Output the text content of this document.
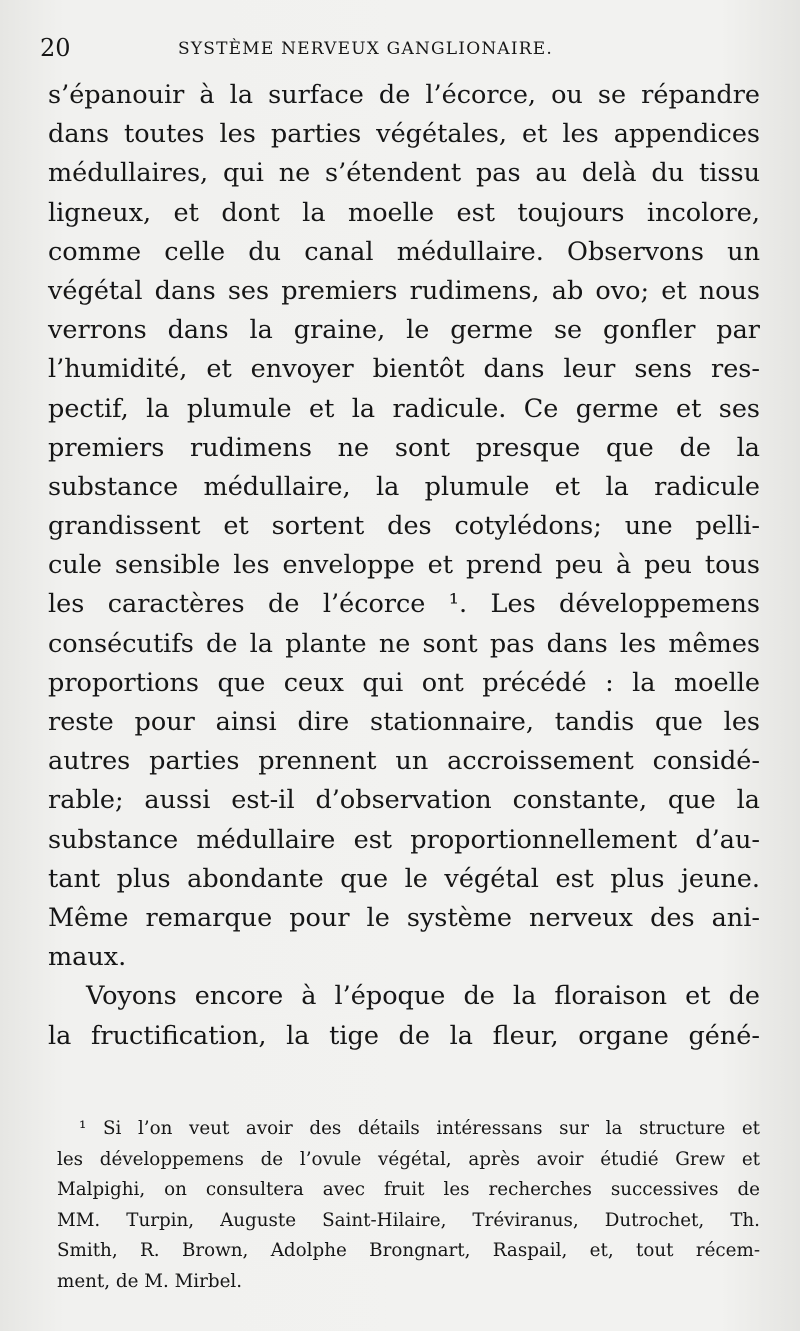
20	SYSTÈME NERVEUX GANGLIONAIRE.
s’épanouir à la surface de l’écorce, ou se répandre
dans toutes les parties végétales, et les appendices
médullaires, qui ne s’étendent pas au delà du tissu
ligneux, et dont la moelle est toujours incolore,
comme celle du canal médullaire. Observons un
végétal dans ses premiers rudimens, ab ovo; et nous
verrons dans la graine, le germe se gonfler par
l’humidité, et envoyer bientôt dans leur sens res-
pectif, la plumule et la radicule. Ce germe et ses
premiers rudimens ne sont presque que de la
substance médullaire, la plumule et la radicule
grandissent et sortent des cotylédons; une pelli-
cule sensible les enveloppe et prend peu à peu tous
les caractères de l’écorce ¹. Les développemens
consécutifs de la plante ne sont pas dans les mêmes
proportions que ceux qui ont précédé : la moelle
reste pour ainsi dire stationnaire, tandis que les
autres parties prennent un accroissement considé-
rable; aussi est-il d’observation constante, que la
substance médullaire est proportionnellement d’au-
tant plus abondante que le végétal est plus jeune.
Même remarque pour le système nerveux des ani-
maux.
Voyons encore à l’époque de la floraison et de
la fructification, la tige de la fleur, organe géné-
¹ Si l’on veut avoir des détails intéressans sur la structure et
les développemens de l’ovule végétal, après avoir étudié Grew et
Malpighi, on consultera avec fruit les recherches successives de
MM. Turpin, Auguste Saint-Hilaire, Tréviranus, Dutrochet, Th.
Smith, R. Brown, Adolphe Brongnart, Raspail, et, tout récem-
ment, de M. Mirbel.
